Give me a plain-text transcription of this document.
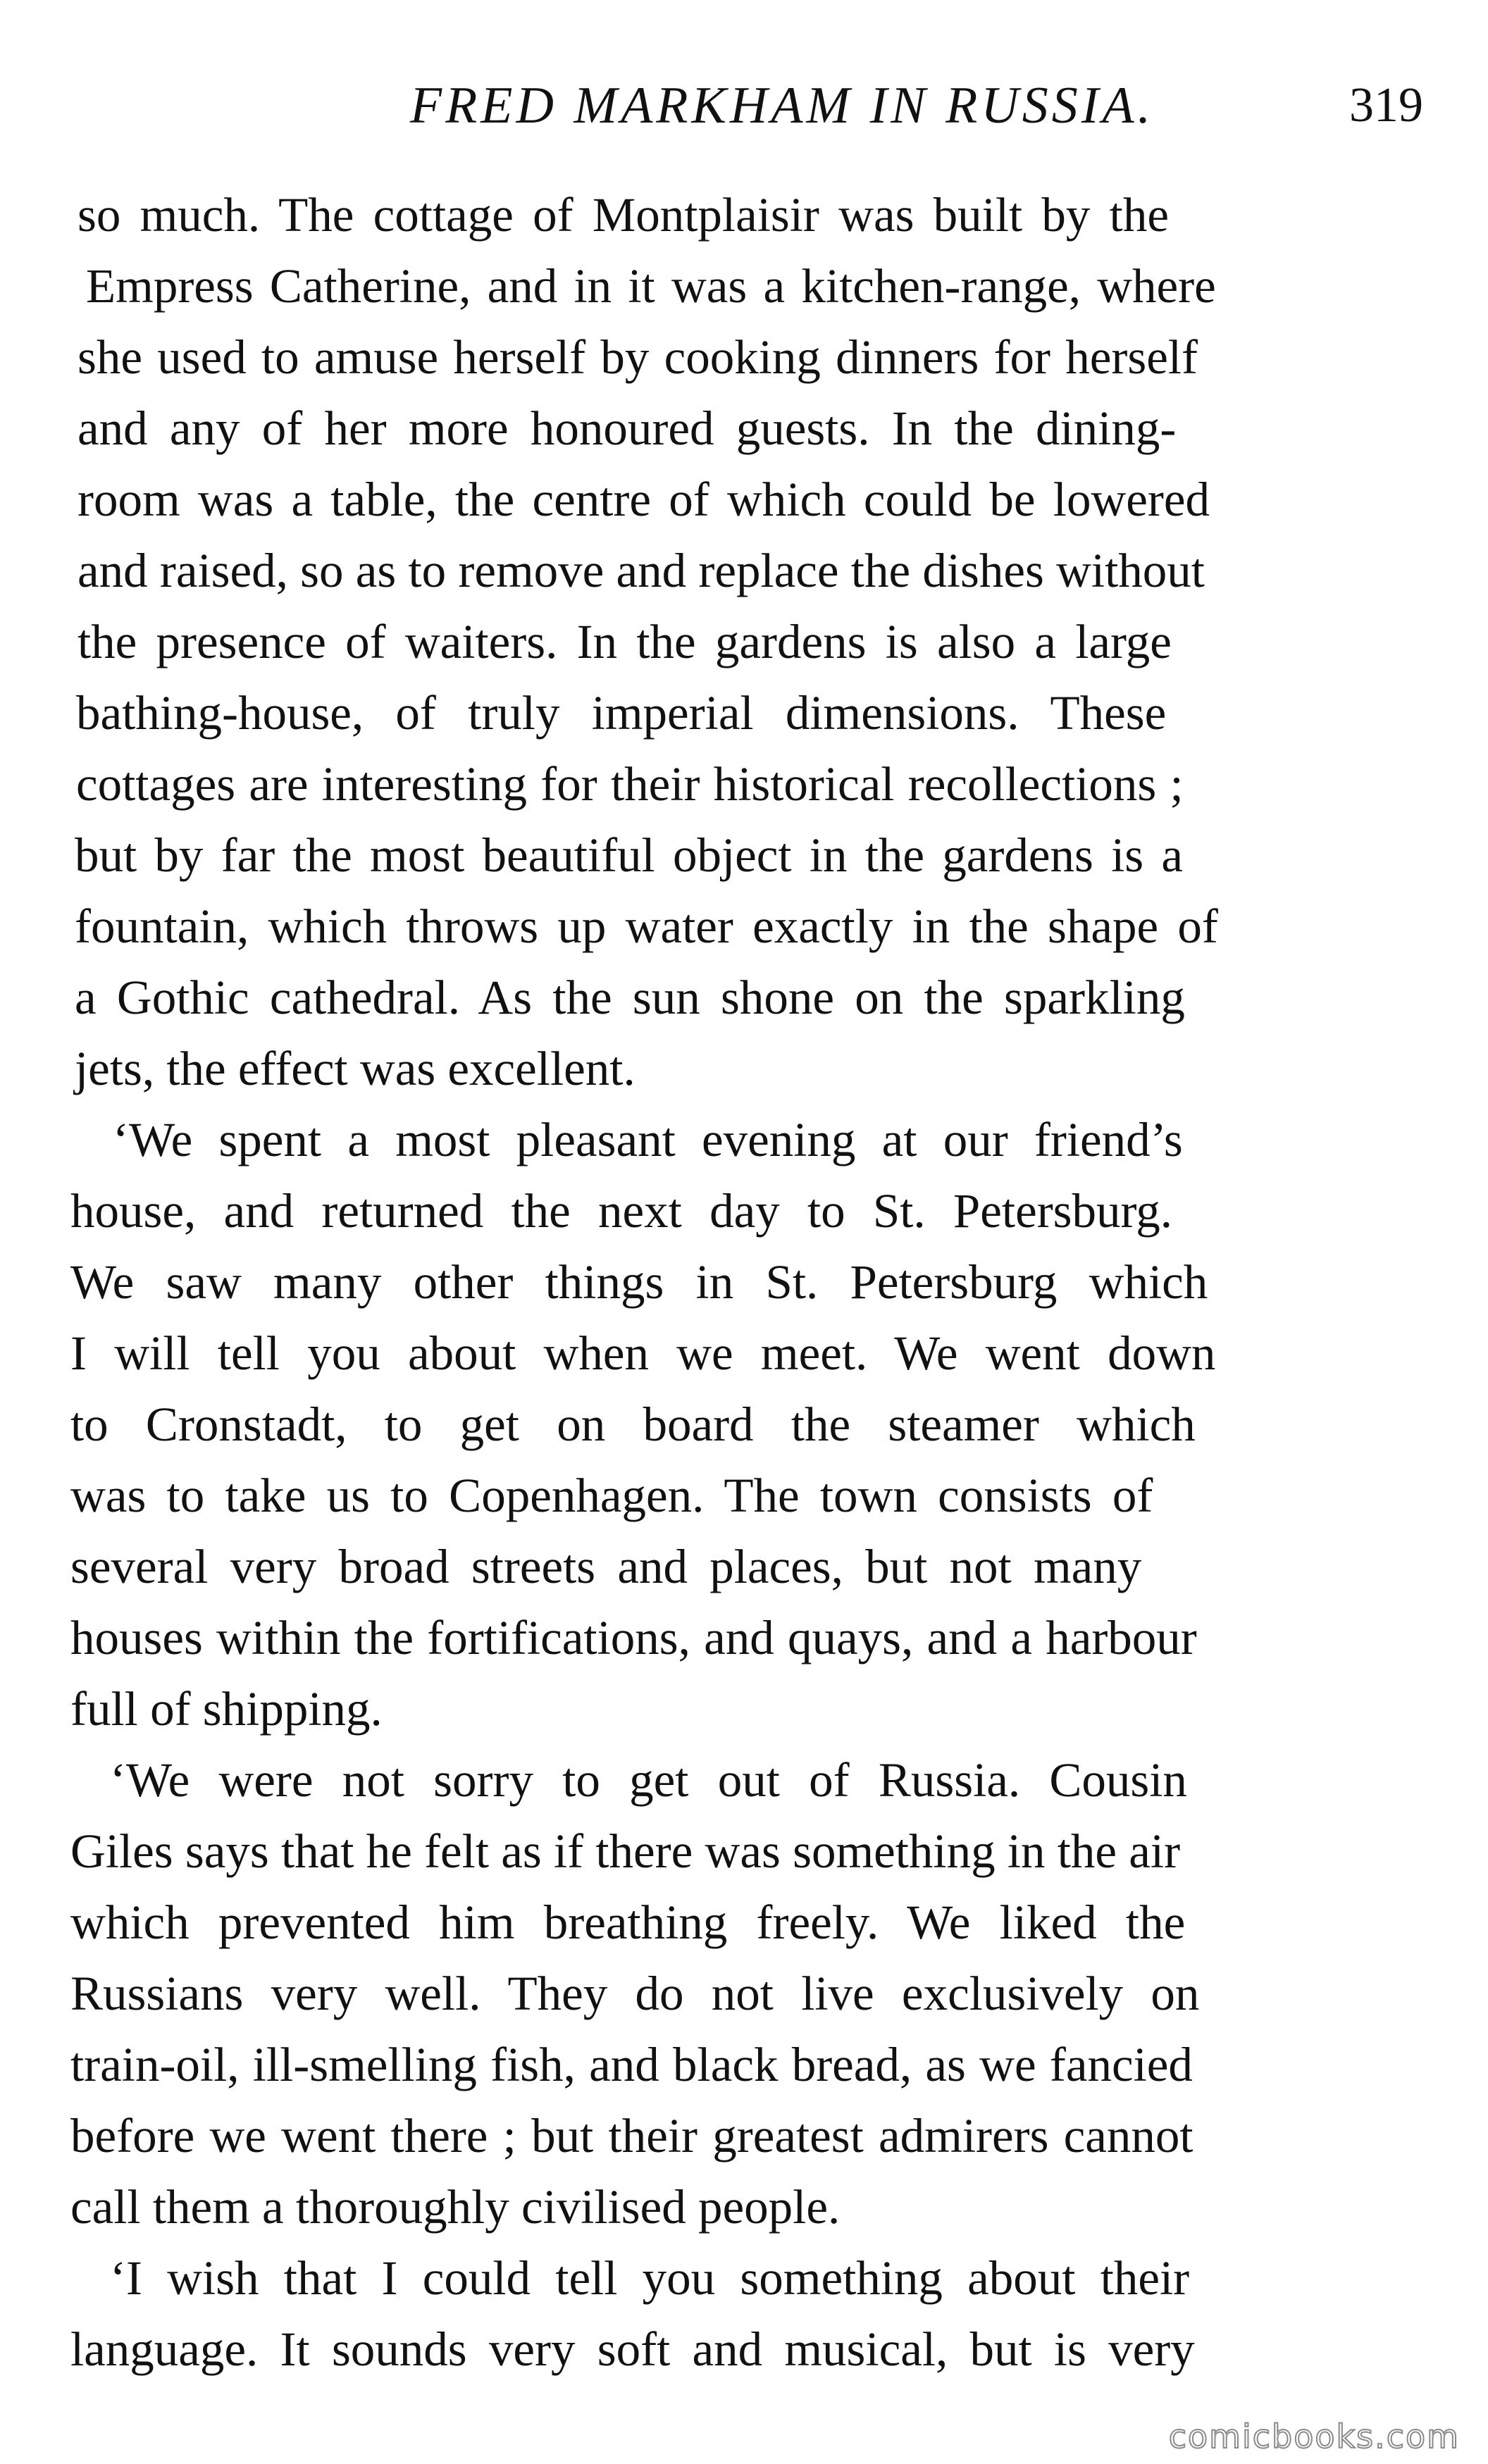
FRED MARKHAM IN RUSSIA.	319
so much. The cottage of Montplaisir was built by the
Empress Catherine, and in it was a kitchen-range, where
she used to amuse herself by cooking dinners for herself
and any of her more honoured guests. In the dining-
room was a table, the centre of which could be lowered
and raised, so as to remove and replace the dishes without
the presence of waiters. In the gardens is also a large
bathing-house, of truly imperial dimensions. These
cottages are interesting for their historical recollections ;
but by far the most beautiful object in the gardens is a
fountain, which throws up water exactly in the shape of
a Gothic cathedral. As the sun shone on the sparkling
jets, the effect was excellent.
‘We spent a most pleasant evening at our friend’s
house, and returned the next day to St. Petersburg.
We saw many other things in St. Petersburg which
I will tell you about when we meet. We went down
to Cronstadt, to get on board the steamer which
was to take us to Copenhagen. The town consists of
several very broad streets and places, but not many
houses within the fortifications, and quays, and a harbour
full of shipping.
‘We were not sorry to get out of Russia. Cousin
Giles says that he felt as if there was something in the air
which prevented him breathing freely. We liked the
Russians very well. They do not live exclusively on
train-oil, ill-smelling fish, and black bread, as we fancied
before we went there ; but their greatest admirers cannot
call them a thoroughly civilised people.
‘I wish that I could tell you something about their
language. It sounds very soft and musical, but is very
comicbooks.com
